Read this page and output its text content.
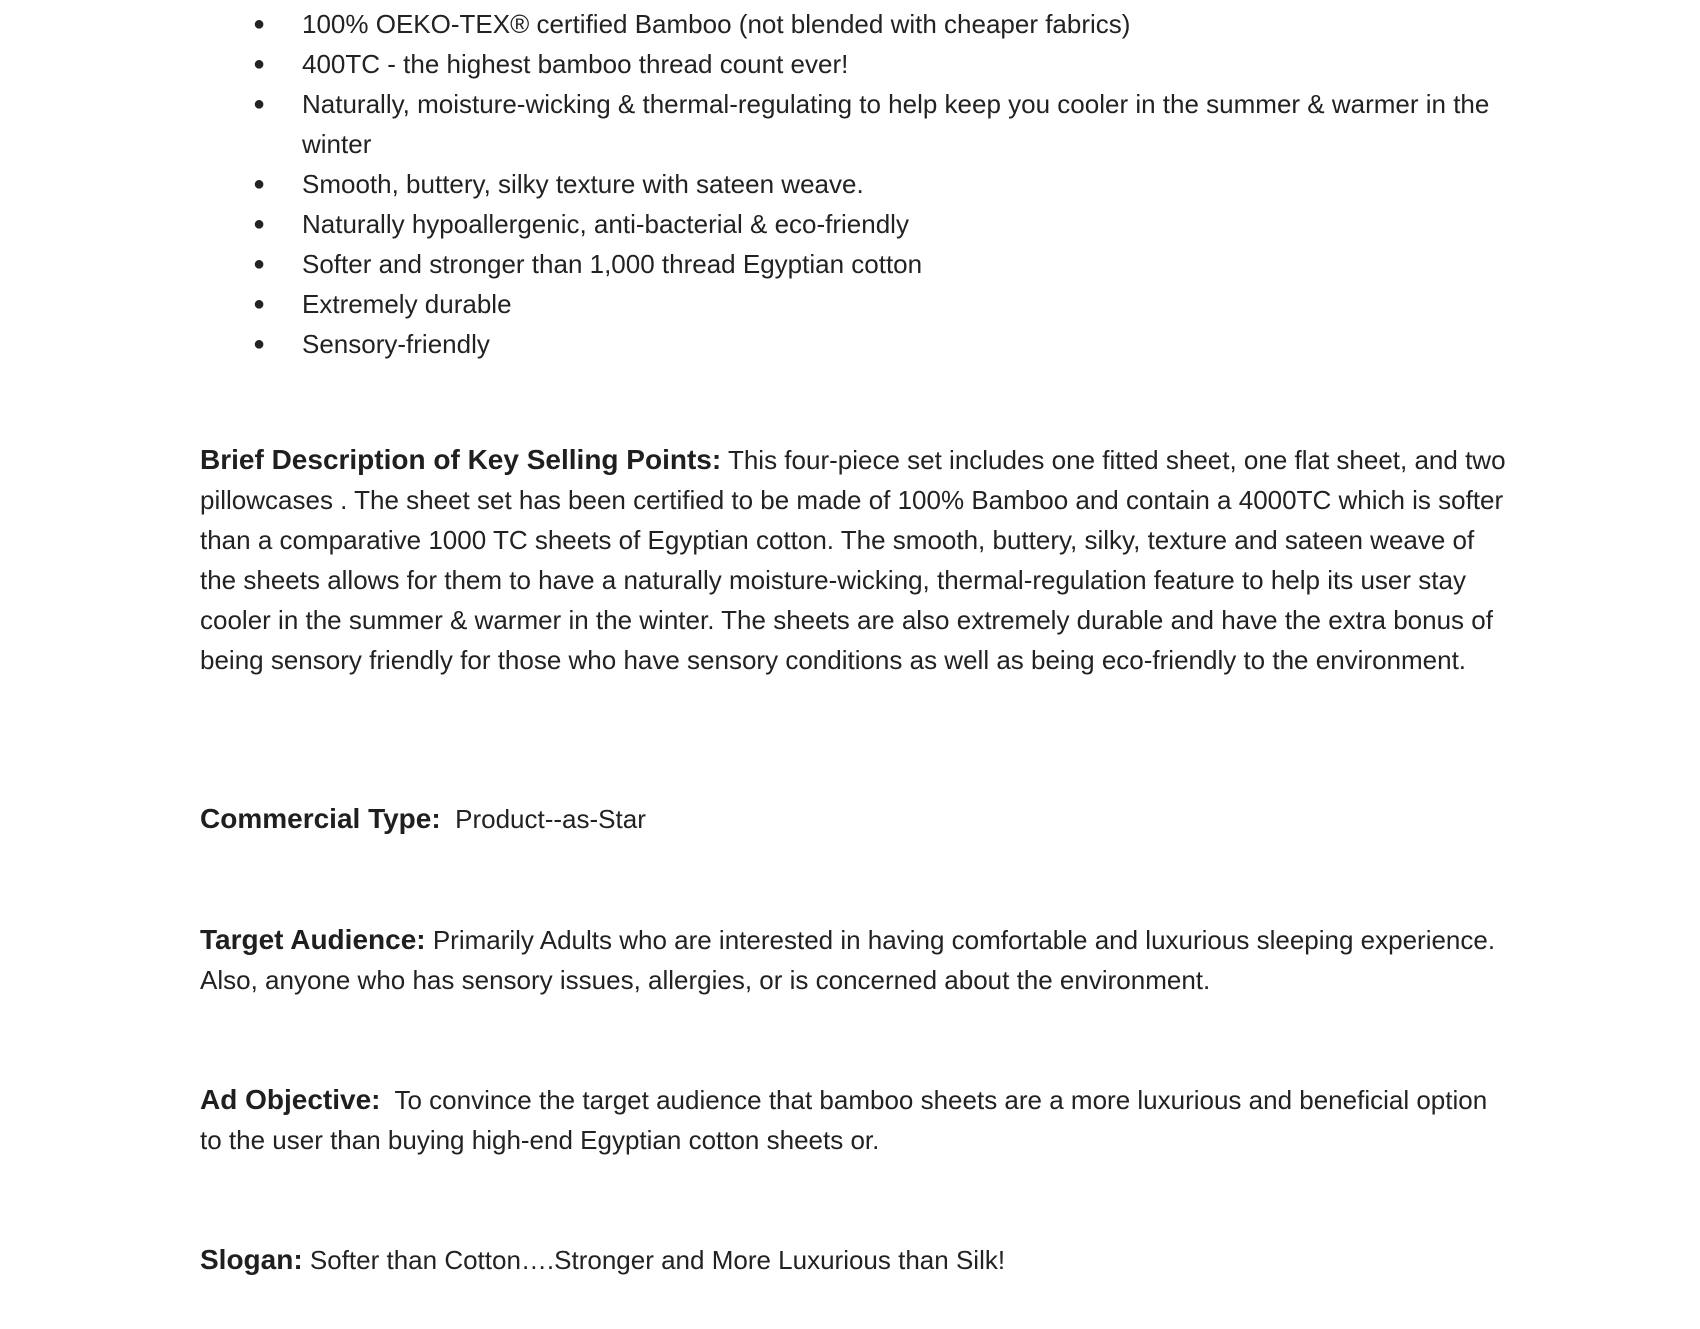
● 100% OEKO-TEX® certified Bamboo (not blended with cheaper fabrics)
● 400TC - the highest bamboo thread count ever!
● Naturally, moisture-wicking & thermal-regulating to help keep you cooler in the summer & warmer in the winter
● Smooth, buttery, silky texture with sateen weave.
● Naturally hypoallergenic, anti-bacterial & eco-friendly
● Softer and stronger than 1,000 thread Egyptian cotton
● Extremely durable
● Sensory-friendly

Brief Description of Key Selling Points: This four-piece set includes one fitted sheet, one flat sheet, and two pillowcases . The sheet set has been certified to be made of 100% Bamboo and contain a 4000TC which is softer than a comparative 1000 TC sheets of Egyptian cotton. The smooth, buttery, silky, texture and sateen weave of the sheets allows for them to have a naturally moisture-wicking, thermal-regulation feature to help its user stay cooler in the summer & warmer in the winter. The sheets are also extremely durable and have the extra bonus of being sensory friendly for those who have sensory conditions as well as being eco-friendly to the environment.

Commercial Type: Product--as-Star

Target Audience: Primarily Adults who are interested in having comfortable and luxurious sleeping experience. Also, anyone who has sensory issues, allergies, or is concerned about the environment.

Ad Objective: To convince the target audience that bamboo sheets are a more luxurious and beneficial option to the user than buying high-end Egyptian cotton sheets or.

Slogan: Softer than Cotton….Stronger and More Luxurious than Silk!
